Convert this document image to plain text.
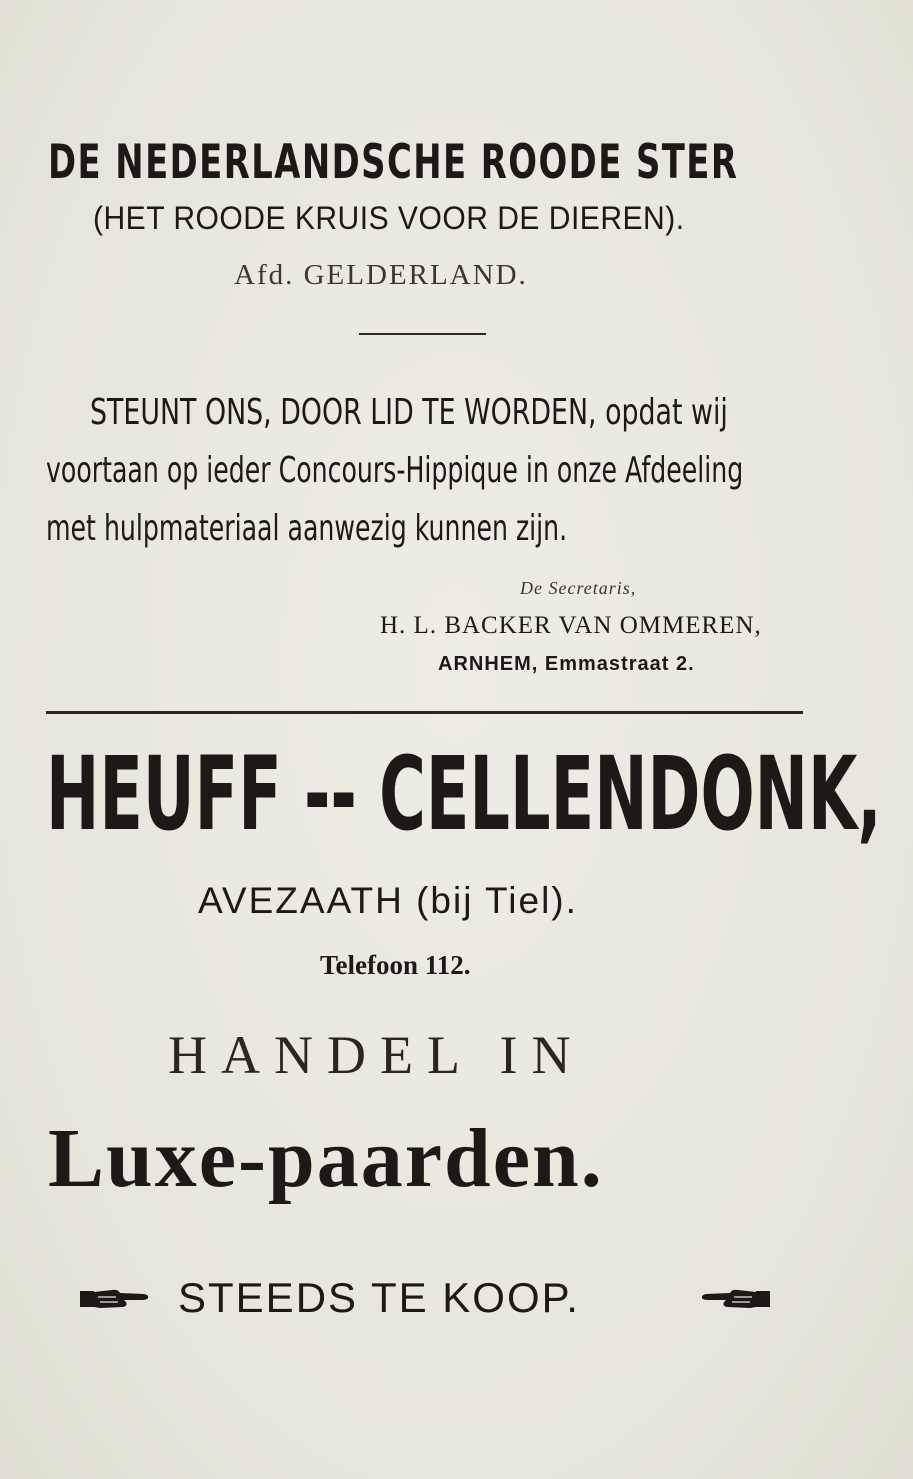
DE NEDERLANDSCHE ROODE STER
(HET ROODE KRUIS VOOR DE DIEREN).
Afd. GELDERLAND.
STEUNT ONS, DOOR LID TE WORDEN, opdat wij
voortaan op ieder Concours-Hippique in onze Afdeeling
met hulpmateriaal aanwezig kunnen zijn.
De Secretaris,
H. L. BACKER VAN OMMEREN,
ARNHEM, Emmastraat 2.
HEUFF -- CELLENDONK,
AVEZAATH (bij Tiel).
Telefoon 112.
HANDEL IN
Luxe-paarden.
STEEDS TE KOOP.
